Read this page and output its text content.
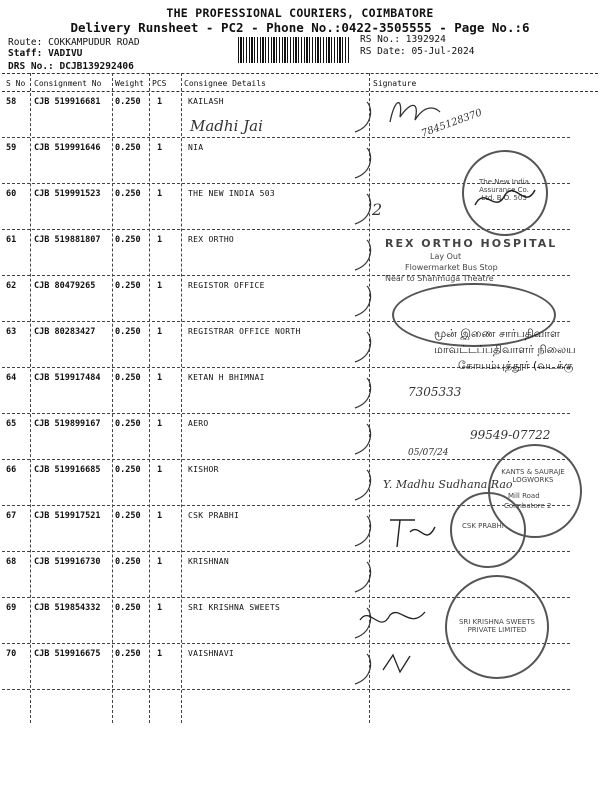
THE PROFESSIONAL COURIERS, COIMBATORE
Delivery Runsheet - PC2 - Phone No.:0422-3505555 - Page No.:6
Route: COKKAMPUDUR ROAD
Staff: VADIVU
DRS No.: DCJB139292406
RS No.: 1392924
RS Date: 05-Jul-2024
S No Consignment No Weight PCS Consignee Details	Signature
58 CJB 519916681 0.250 1	KAILASH
59 CJB 519991646 0.250 1	NIA
60 CJB 519991523 0.250 1	THE NEW INDIA 503
61 CJB 519881807 0.250 1	REX ORTHO
62 CJB 80479265 0.250 1	REGISTOR OFFICE
63 CJB 80283427 0.250 1	REGISTRAR OFFICE NORTH
64 CJB 519917484 0.250 1	KETAN H BHIMNAI
65 CJB 519899167 0.250 1	AERO
66 CJB 519916685 0.250 1	KISHOR
67 CJB 519917521 0.250 1	CSK PRABHI
68 CJB 519916730 0.250 1	KRISHNAN
69 CJB 519854332 0.250 1	SRI KRISHNA SWEETS
70 CJB 519916675 0.250 1	VAISHNAVI
Madhi Jai	7845128370
The New India Assurance Co. Ltd. B.O. 503
2
REX ORTHO HOSPITAL
Lay Out
Flowermarket Bus Stop
Near to Shanmuga Theatre
மூன் இணை சார்பதிவாள
மாவட்டப்பதிவாளர் நிலைய
கோயம்புத்தூர் (வடக்கு
7305333
99549-07722
05/07/24
Y. Madhu Sudhana Rao
KANTS & SAURAJE LOGWORKS
Mill Road
Coimbatore 2
CSK PRABHI
SRI KRISHNA SWEETS PRIVATE LIMITED
